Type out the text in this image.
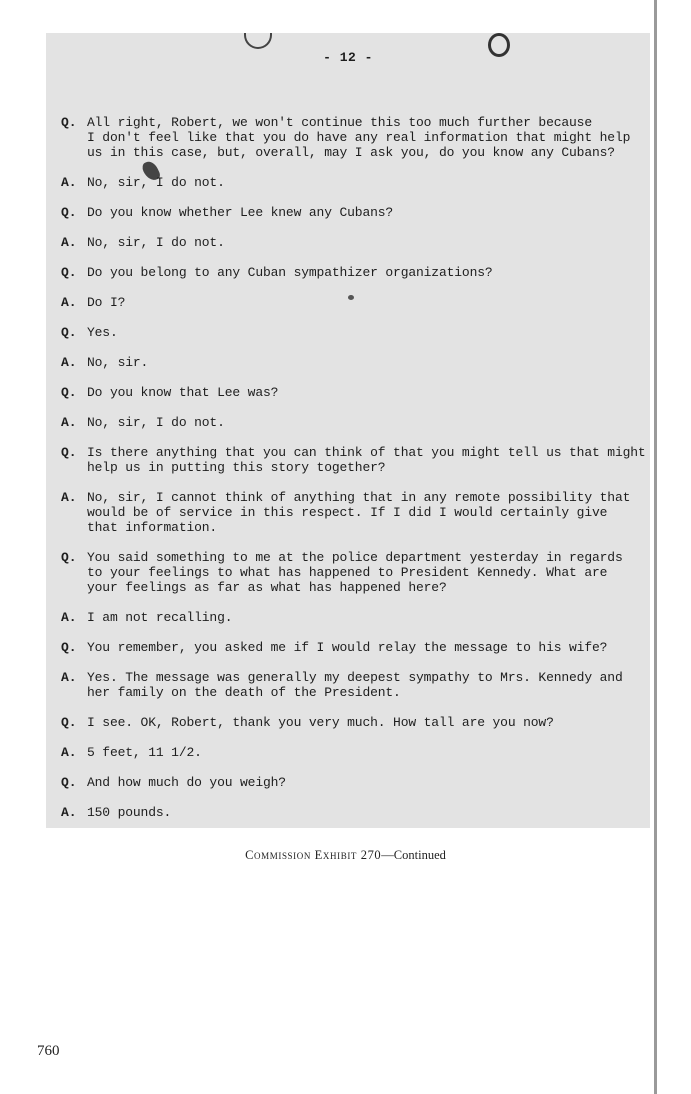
- 12 -
Q. All right, Robert, we won't continue this too much further because
I don't feel like that you do have any real information that might help
us in this case, but, overall, may I ask you, do you know any Cubans?
A. No, sir, I do not.
Q. Do you know whether Lee knew any Cubans?
A. No, sir, I do not.
Q. Do you belong to any Cuban sympathizer organizations?
A. Do I?
Q. Yes.
A. No, sir.
Q. Do you know that Lee was?
A. No, sir, I do not.
Q. Is there anything that you can think of that you might tell us that might
help us in putting this story together?
A. No, sir, I cannot think of anything that in any remote possibility that
would be of service in this respect. If I did I would certainly give
that information.
Q. You said something to me at the police department yesterday in regards
to your feelings to what has happened to President Kennedy. What are
your feelings as far as what has happened here?
A. I am not recalling.
Q. You remember, you asked me if I would relay the message to his wife?
A. Yes. The message was generally my deepest sympathy to Mrs. Kennedy and
her family on the death of the President.
Q. I see. OK, Robert, thank you very much. How tall are you now?
A. 5 feet, 11 1/2.
Q. And how much do you weigh?
A. 150 pounds.
Commission Exhibit 270—Continued
760
